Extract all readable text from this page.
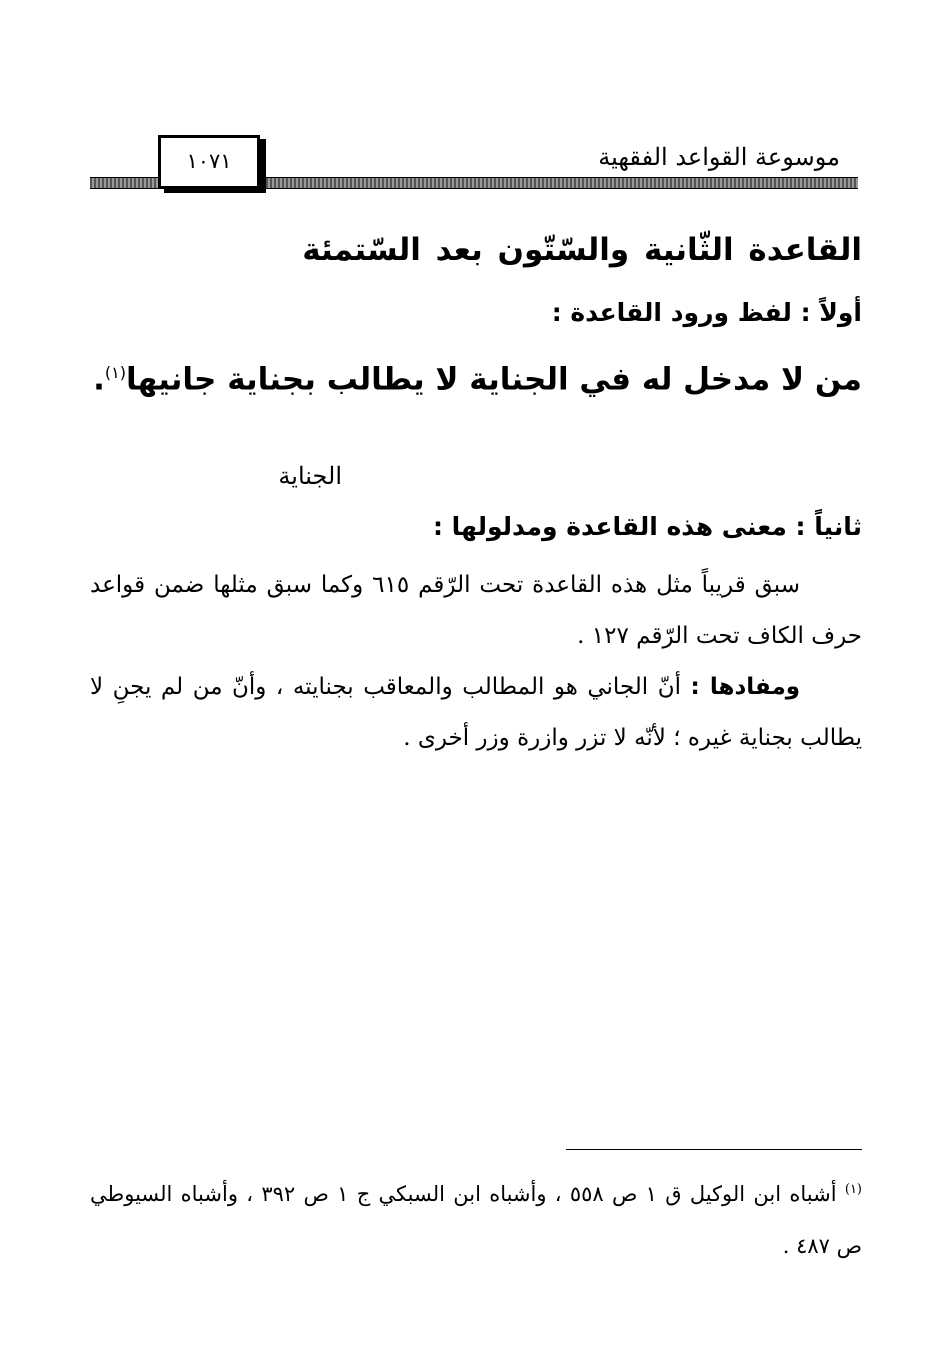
موسوعة القواعد الفقهية
١٠٧١
القاعدة الثّانية والسّتّون بعد السّتمئة
أولاً : لفظ ورود القاعدة :
من لا مدخل له في الجناية لا يطالب بجناية جانيها$^{(١)}$.
الجناية
ثانياً : معنى هذه القاعدة ومدلولها :
سبق قريباً مثل هذه القاعدة تحت الرّقم ٦١٥ وكما سبق مثلها ضمن قواعد حرف الكاف تحت الرّقم ١٢٧ .
ومفادها : أنّ الجاني هو المطالب والمعاقب بجنايته ، وأنّ من لم يجنِ لا يطالب بجناية غيره ؛ لأنّه لا تزر وازرة وزر أخرى .
$^{(١)}$ أشباه ابن الوكيل ق ١ ص ٥٥٨ ، وأشباه ابن السبكي ج ١ ص ٣٩٢ ، وأشباه السيوطي ص ٤٨٧ .
